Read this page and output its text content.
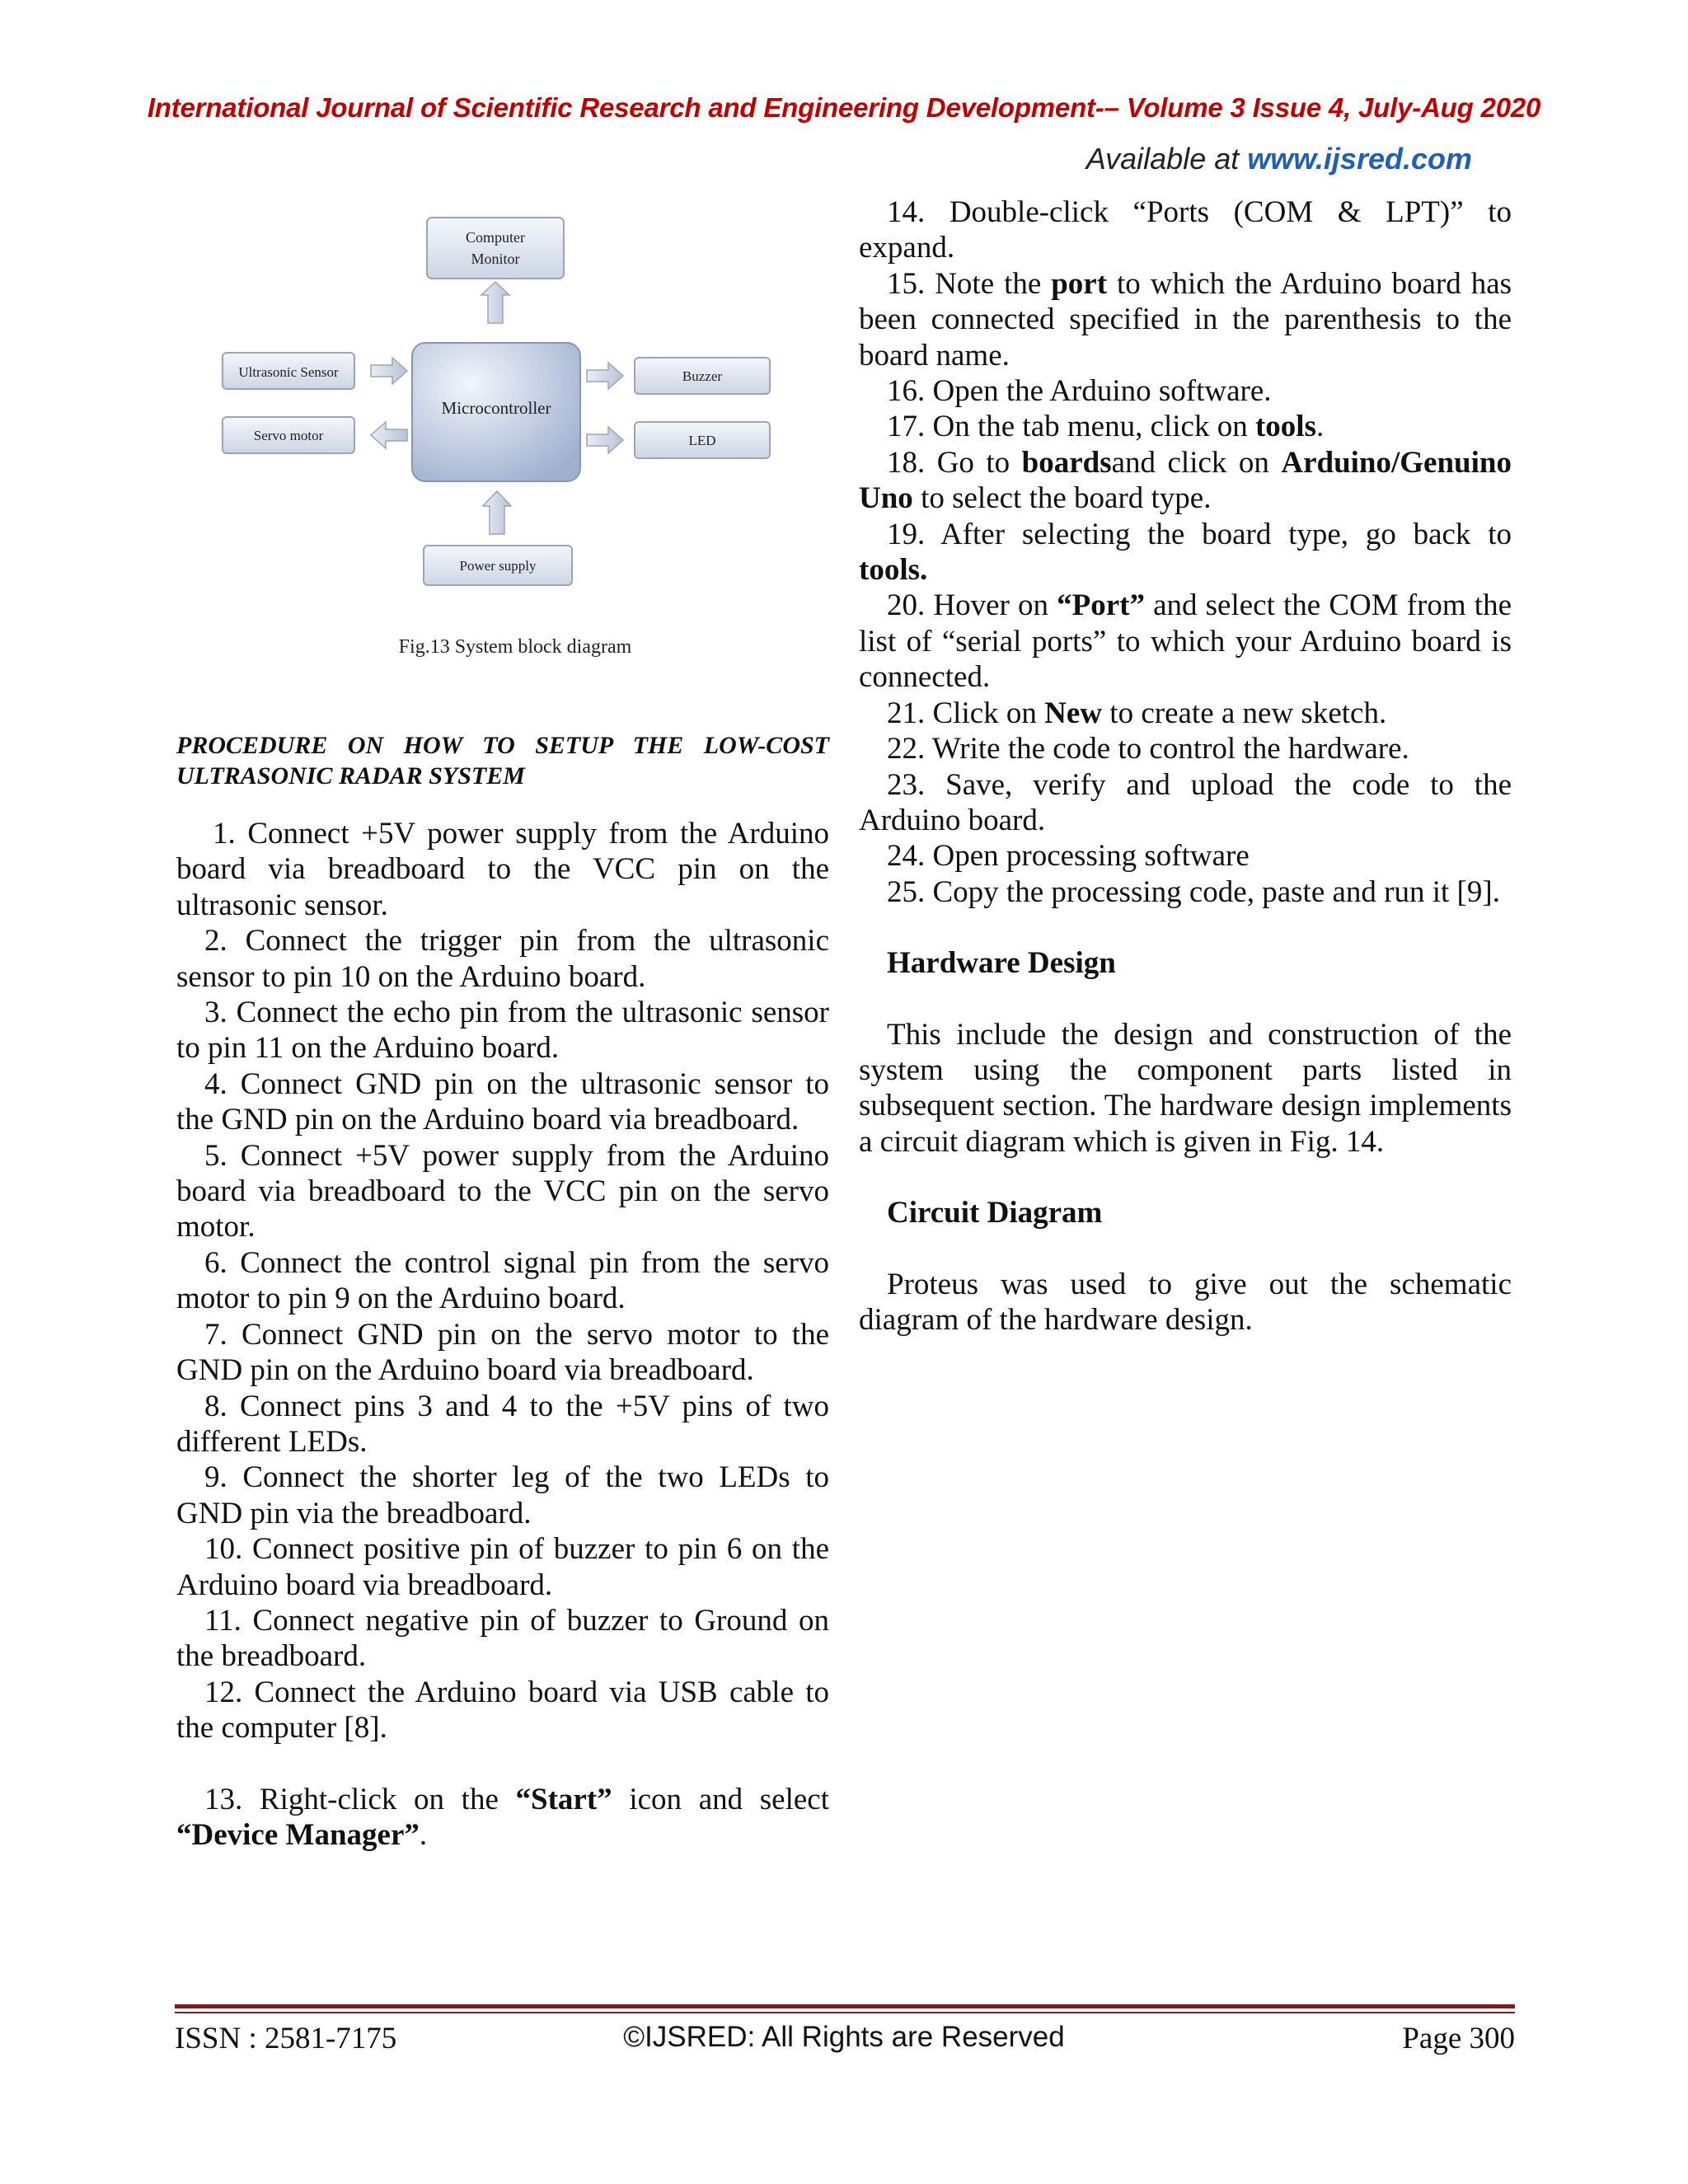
International Journal of Scientific Research and Engineering Development-– Volume 3 Issue 4, July-Aug 2020
Available at www.ijsred.com
Computer
Monitor
Microcontroller
Ultrasonic Sensor
Servo motor
Buzzer
LED
Power supply
Fig.13 System block diagram
PROCEDURE ON HOW TO SETUP THE LOW-COST ULTRASONIC RADAR SYSTEM

1. Connect +5V power supply from the Arduino board via breadboard to the VCC pin on the ultrasonic sensor.

2. Connect the trigger pin from the ultrasonic sensor to pin 10 on the Arduino board.

3. Connect the echo pin from the ultrasonic sensor to pin 11 on the Arduino board.

4. Connect GND pin on the ultrasonic sensor to the GND pin on the Arduino board via breadboard.

5. Connect +5V power supply from the Arduino board via breadboard to the VCC pin on the servo motor.

6. Connect the control signal pin from the servo motor to pin 9 on the Arduino board.

7. Connect GND pin on the servo motor to the GND pin on the Arduino board via breadboard.

8. Connect pins 3 and 4 to the +5V pins of two different LEDs.

9. Connect the shorter leg of the two LEDs to GND pin via the breadboard.

10. Connect positive pin of buzzer to pin 6 on the Arduino board via breadboard.

11. Connect negative pin of buzzer to Ground on the breadboard.

12. Connect the Arduino board via USB cable to the computer [8].

13. Right-click on the “Start” icon and select “Device Manager”.

14. Double-click “Ports (COM & LPT)” to expand.

15. Note the port to which the Arduino board has been connected specified in the parenthesis to the board name.

16. Open the Arduino software.

17. On the tab menu, click on tools.

18. Go to boardsand click on Arduino/Genuino Uno to select the board type.

19. After selecting the board type, go back to tools.

20. Hover on “Port” and select the COM from the list of “serial ports” to which your Arduino board is connected.

21. Click on New to create a new sketch.

22. Write the code to control the hardware.

23. Save, verify and upload the code to the Arduino board.

24. Open processing software

25. Copy the processing code, paste and run it [9].

Hardware Design

This include the design and construction of the system using the component parts listed in subsequent section. The hardware design implements a circuit diagram which is given in Fig. 14.

Circuit Diagram

Proteus was used to give out the schematic diagram of the hardware design.

ISSN : 2581-7175	©IJSRED: All Rights are Reserved	Page 300
